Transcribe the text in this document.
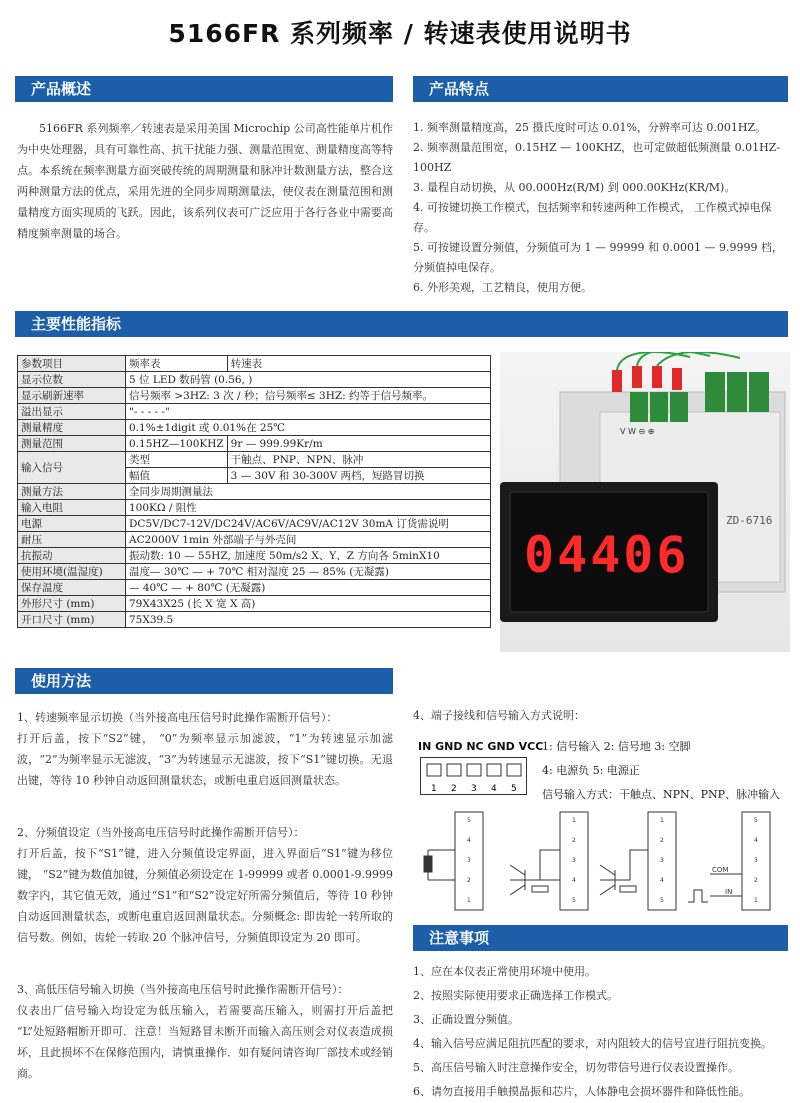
5166FR 系列频率 / 转速表使用说明书
产品概述
5166FR 系列频率／转速表是采用美国 Microchip 公司高性能单片机作为中央处理器，具有可靠性高、抗干扰能力强、测量范围宽、测量精度高等特点。本系统在频率测量方面突破传统的周期测量和脉冲计数测量方法，整合这两种测量方法的优点，采用先进的全同步周期测量法，使仪表在测量范围和测量精度方面实现质的飞跃。因此，该系列仪表可广泛应用于各行各业中需要高精度频率测量的场合。
产品特点

1. 频率测量精度高，25 摄氏度时可达 0.01%，分辨率可达 0.001HZ。

2. 频率测量范围宽，0.15HZ — 100KHZ，也可定做超低频测量 0.01HZ-100HZ

3. 量程自动切换，从 00.000Hz(R/M) 到 000.00KHz(KR/M)。

4. 可按键切换工作模式，包括频率和转速两种工作模式， 工作模式掉电保存。

5. 可按键设置分频值，分频值可为 1 — 99999 和 0.0001 — 9.9999 档，分频值掉电保存。

6. 外形美观，工艺精良，使用方便。

主要性能指标
参数项目	频率表	转速表
显示位数	5 位 LED 数码管 (0.56, )	
显示刷新速率	信号频率 >3HZ: 3 次 / 秒；信号频率≤ 3HZ: 约等于信号频率。	
溢出显示	"- - - - -"	
测量精度	0.1%±1digit 或 0.01%在 25℃	
测量范围	0.15HZ—100KHZ	9r — 999.99Kr/m
输入信号	类型	干触点、PNP、NPN、脉冲
	幅值	3 — 30V 和 30-300V 两档，短路冒切换
测量方法	全同步周期测量法	
输入电阻	100KΩ / 阻性	
电源	DC5V/DC7-12V/DC24V/AC6V/AC9V/AC12V 30mA 订货需说明	
耐压	AC2000V 1min 外部端子与外壳间	
抗振动	振动数: 10 — 55HZ, 加速度 50m/s2 X、Y、Z 方向各 5minX10	
使用环境(温湿度)	温度— 30℃ — + 70℃ 相对湿度 25 — 85% (无凝露)	
保存温度	— 40℃ — + 80℃ (无凝露)	
外形尺寸 (mm)	79X43X25 (长 X 宽 X 高)	
开口尺寸 (mm)	75X39.5	
V W ⊖ ⊕
04406
ZD-6716
使用方法
1、转速频率显示切换（当外接高电压信号时此操作需断开信号）：
打开后盖，按下“S2”键， “0”为频率显示加滤波，“1”为转速显示加滤波，“2”为频率显示无滤波，“3”为转速显示无滤波，按下“S1”键切换。无退出键，等待 10 秒钟自动返回测量状态，或断电重启返回测量状态。
2、分频值设定（当外接高电压信号时此操作需断开信号）：
打开后盖，按下“S1”键，进入分频值设定界面，进入界面后“S1”键为移位键， “S2”键为数值加键，分频值必须设定在 1-99999 或者 0.0001-9.9999 数字内，其它值无效，通过“S1”和“S2”设定好所需分频值后，等待 10 秒钟自动返回测量状态，或断电重启返回测量状态。分频概念: 即齿轮一转所取的信号数。例如，齿轮一转取 20 个脉冲信号，分频值即设定为 20 即可。
3、高低压信号输入切换（当外接高电压信号时此操作需断开信号）：
仪表出厂信号输入均设定为低压输入，若需要高压输入，则需打开后盖把 “L”处短路帽断开即可．注意！当短路冒未断开而输入高压则会对仪表造成损坏，且此损坏不在保修范围内，请慎重操作．如有疑问请咨询厂部技术或经销商。
4、端子接线和信号输入方式说明：
IN GND NC GND VCC
1 2 3 4 5
1: 信号输入 2: 信号地 3: 空脚
4: 电源负 5: 电源正
信号输入方式：干触点、NPN、PNP、脉冲输入
5
4
3
2
1
1
2
3
4
5
1
2
3
4
5
5
4
3
2
1
COM
IN
注意事项

1、应在本仪表正常使用环境中使用。

2、按照实际使用要求正确选择工作模式。

3、正确设置分频值。

4、输入信号应满足阻抗匹配的要求，对内阻较大的信号宜进行阻抗变换。

5、高压信号输入时注意操作安全，切勿带信号进行仪表设置操作。

6、请勿直接用手触摸晶振和芯片，人体静电会损坏器件和降低性能。
